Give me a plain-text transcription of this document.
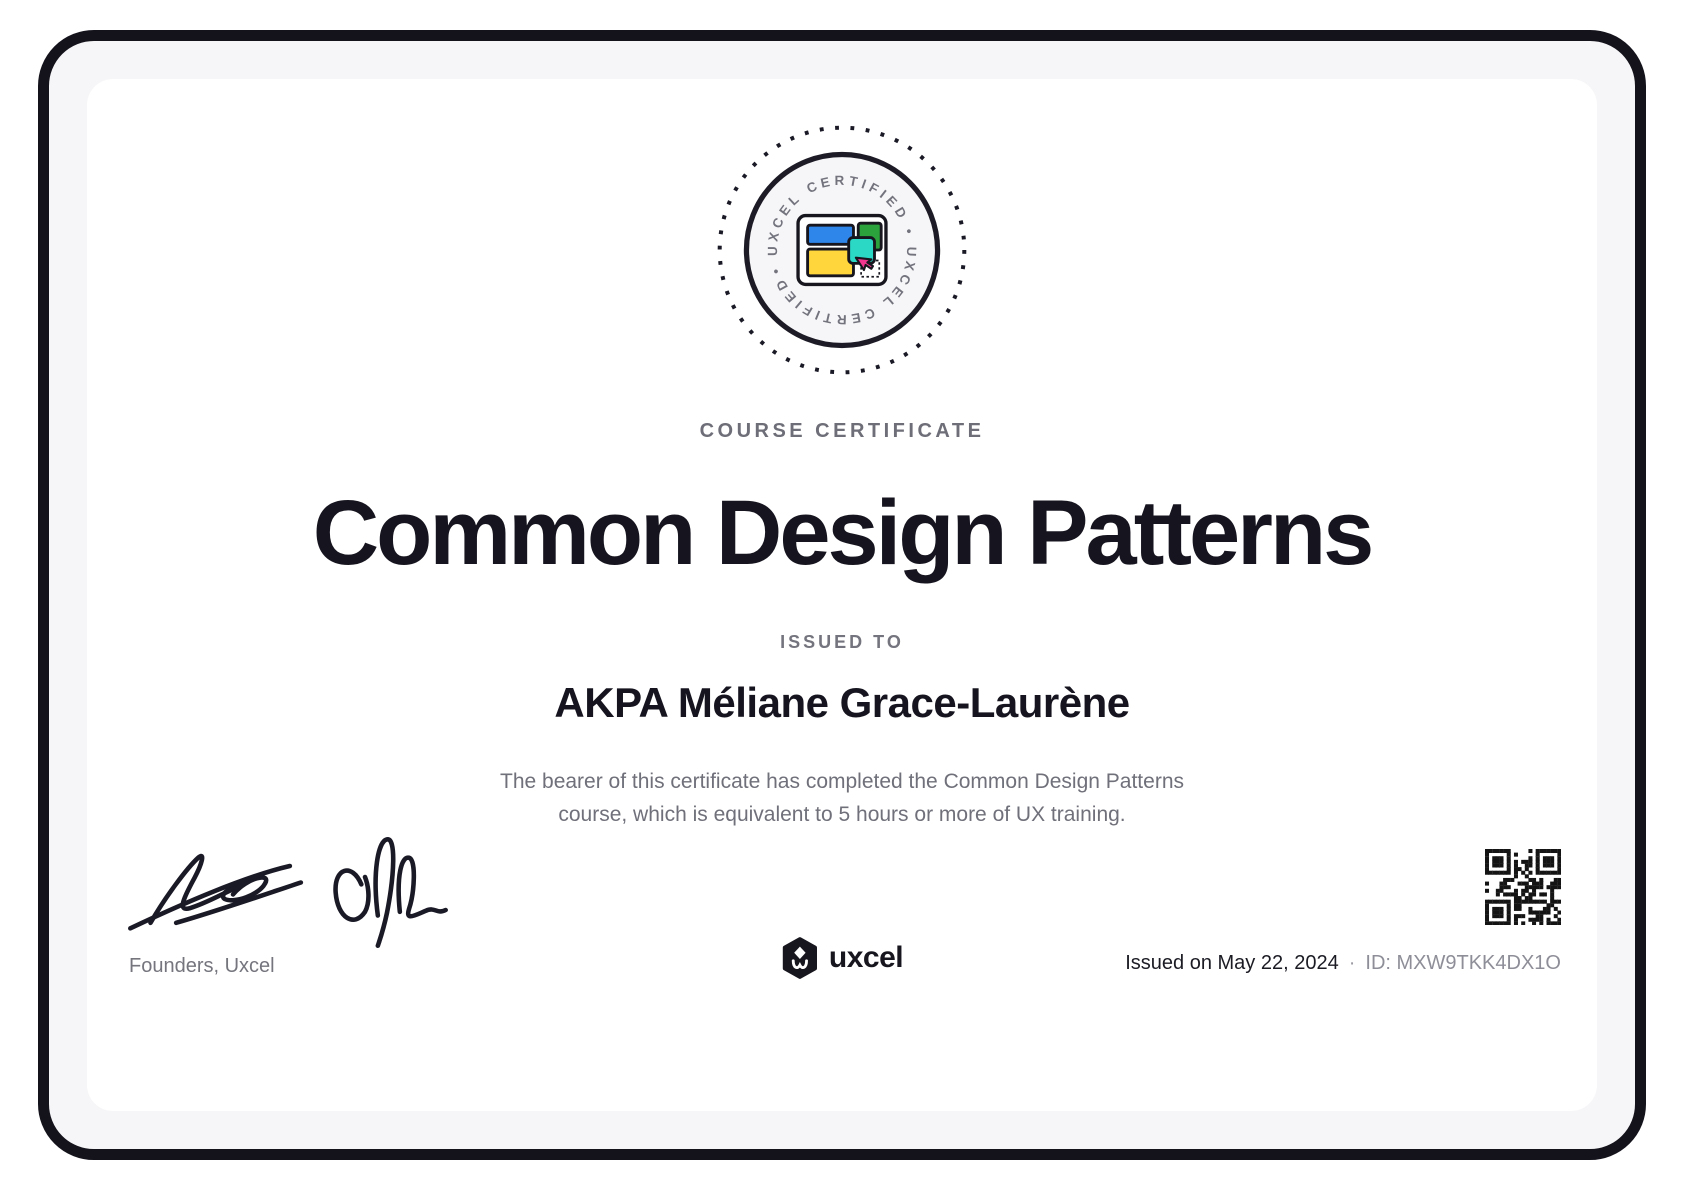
• UXCEL CERTIFIED • UXCEL CERTIFIED
COURSE CERTIFICATE
Common Design Patterns
ISSUED TO
AKPA Méliane Grace-Laurène
The bearer of this certificate has completed the Common Design Patterns
course, which is equivalent to 5 hours or more of UX training.
Founders, Uxcel	uxcel	Issued on May 22, 2024 · ID: MXW9TKK4DX1O
